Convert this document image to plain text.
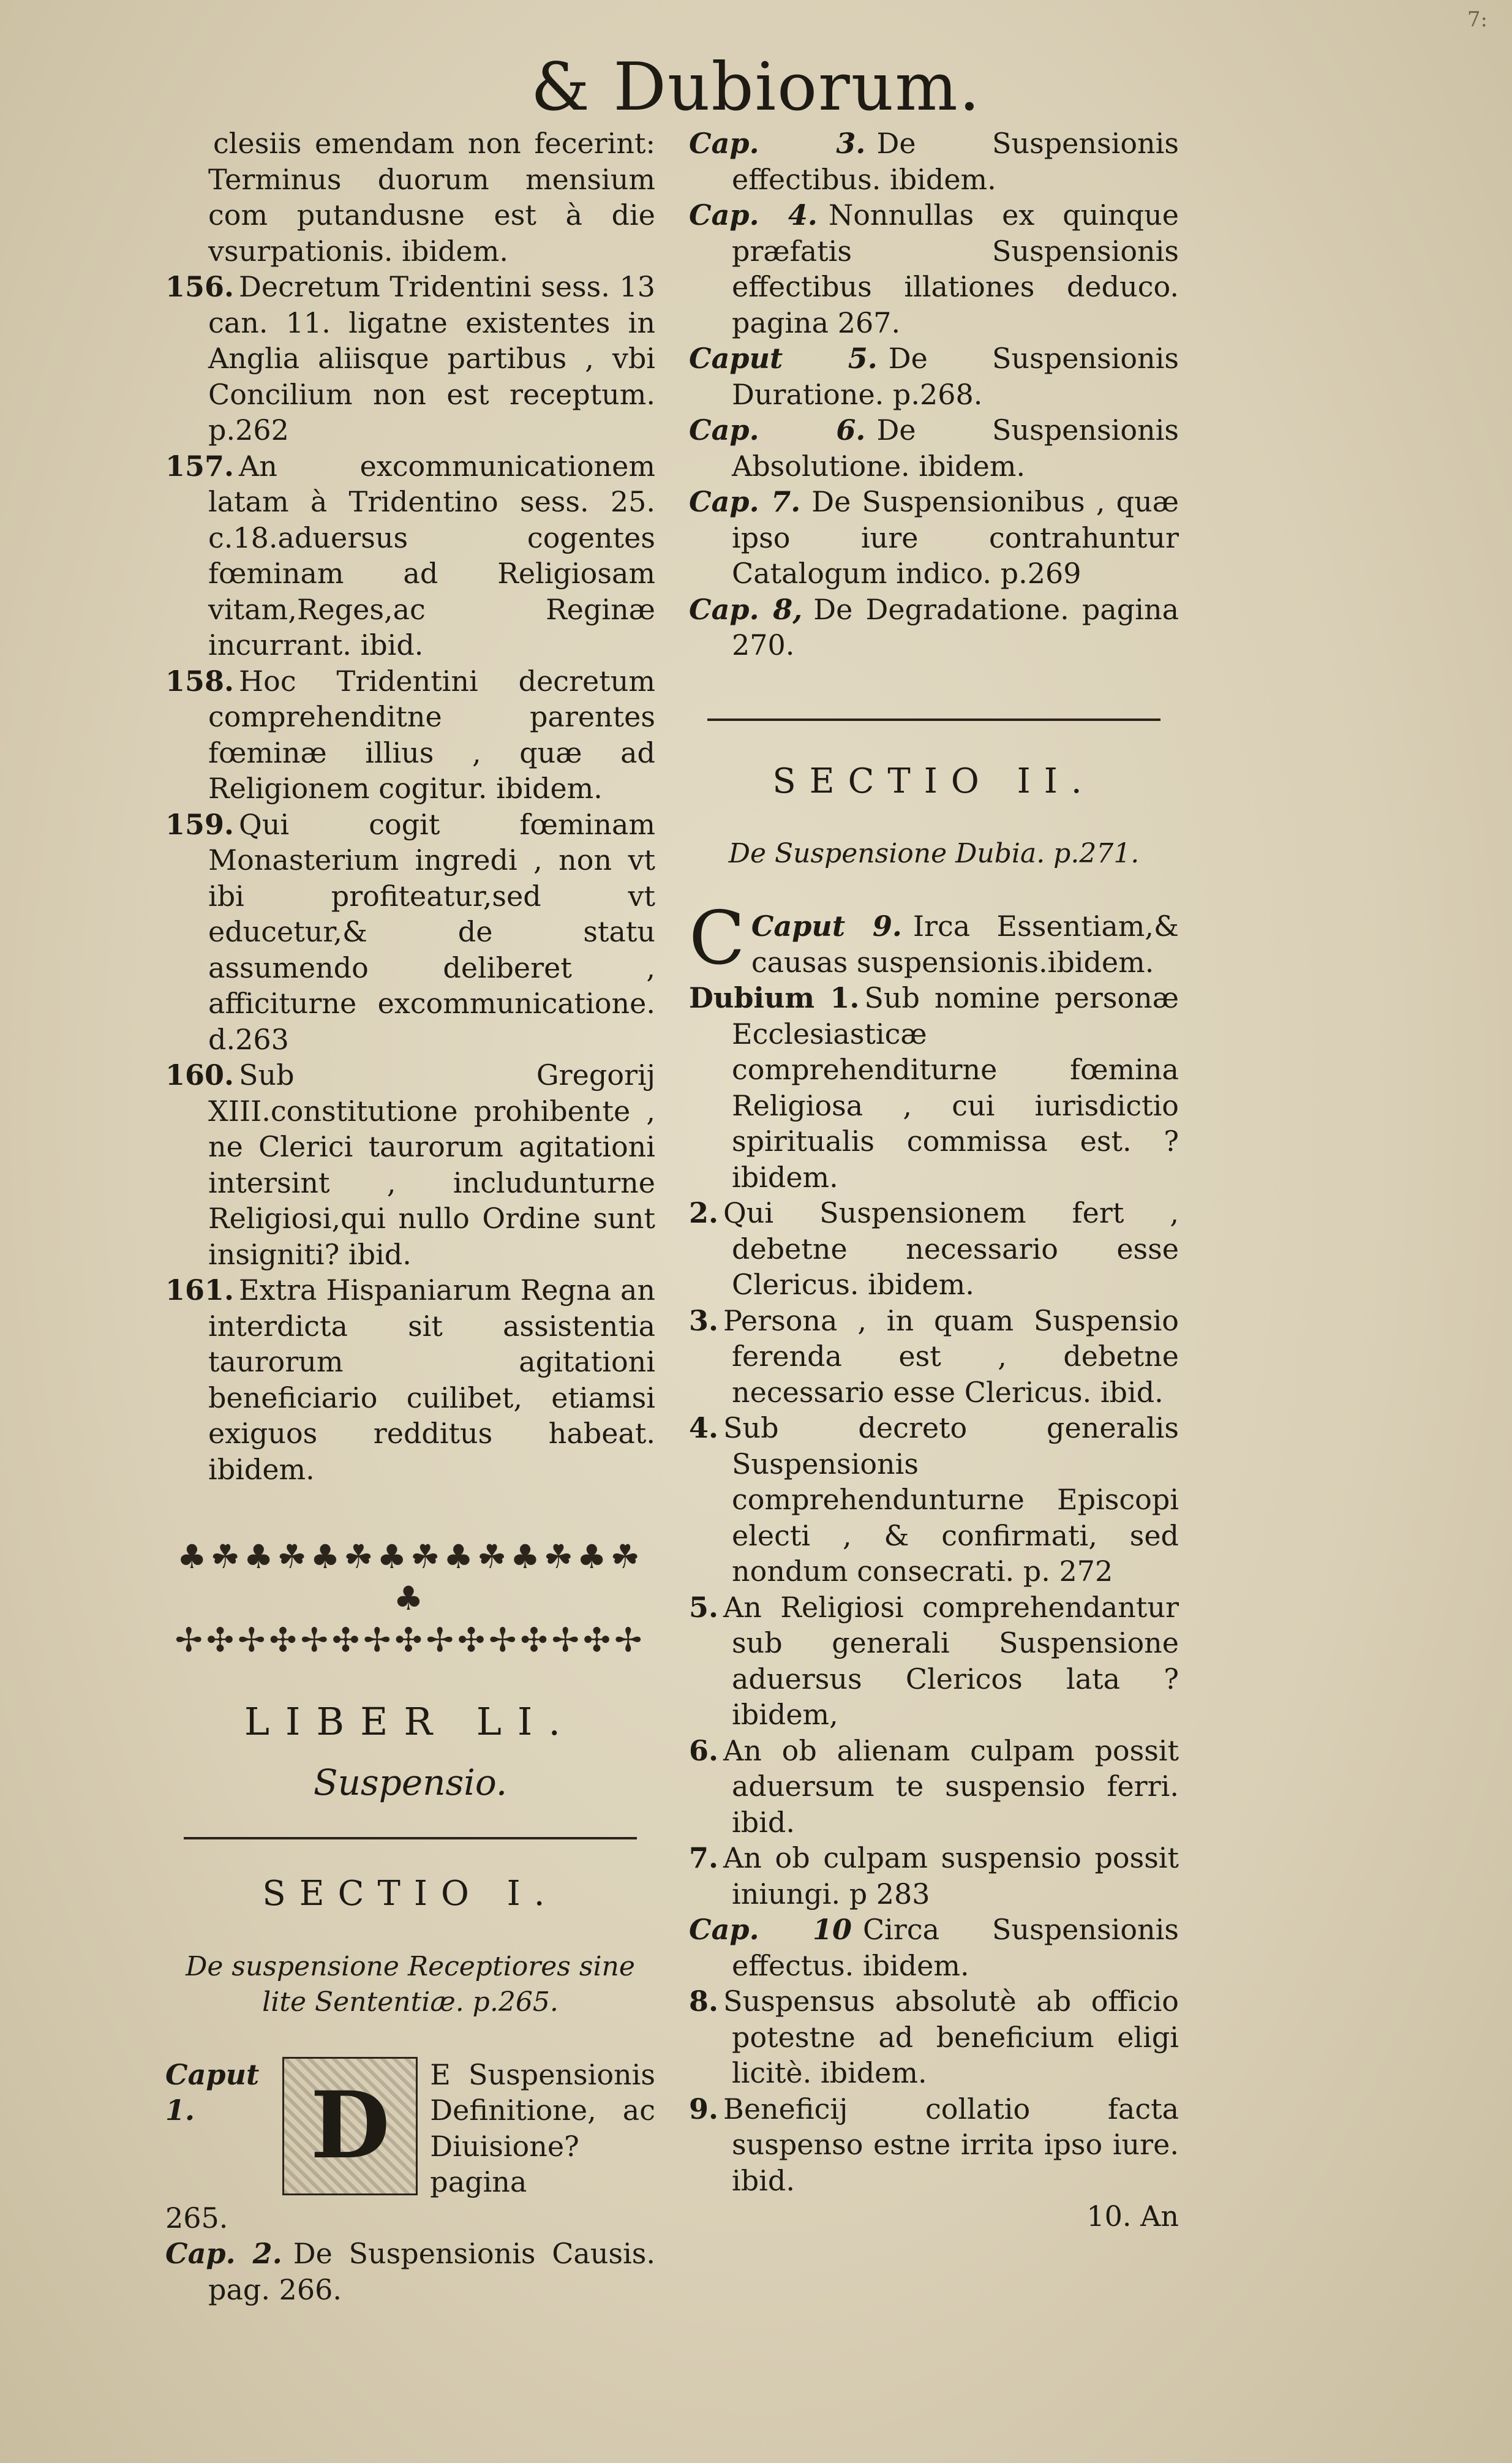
& Dubiorum.
7:

clesiis emendam non fecerint: Terminus duorum mensium com putandusne est à die vsurpationis. ibidem.

156. Decretum Tridentini sess. 13 can. 11. ligatne existentes in Anglia aliisque partibus , vbi Concilium non est receptum. p.262

157. An excommunicationem latam à Tridentino sess. 25. c.18.aduersus cogentes fœminam ad Religiosam vitam,Reges,ac Reginæ incurrant. ibid.

158. Hoc Tridentini decretum comprehenditne parentes fœminæ illius , quæ ad Religionem cogitur. ibidem.

159. Qui cogit fœminam Monasterium ingredi , non vt ibi profiteatur,sed vt educetur,& de statu assumendo deliberet , afficiturne excommunicatione. d.263

160. Sub Gregorij XIII.constitutione prohibente , ne Clerici taurorum agitationi intersint , includunturne Religiosi,qui nullo Ordine sunt insigniti? ibid.

161. Extra Hispaniarum Regna an interdicta sit assistentia taurorum agitationi beneficiario cuilibet, etiamsi exiguos redditus habeat. ibidem.

♣☘♣☘♣☘♣☘♣☘♣☘♣☘♣
✢✣✢✣✢✣✢✣✢✣✢✣✢✣✢
LIBER LI.
Suspensio.
SECTIO I.
De suspensione Receptiores sine lite Sententiæ. p.265.
Caput 1.	D E Suspensionis Definitione, ac Diuisione? pagina

265.

Cap. 2. De Suspensionis Causis. pag. 266.

Cap. 3. De Suspensionis effectibus. ibidem.

Cap. 4. Nonnullas ex quinque præfatis Suspensionis effectibus illationes deduco. pagina 267.

Caput 5. De Suspensionis Duratione. p.268.

Cap. 6. De Suspensionis Absolutione. ibidem.

Cap. 7. De Suspensionibus , quæ ipso iure contrahuntur Catalogum indico. p.269

Cap. 8, De Degradatione. pagina 270.

SECTIO II.
De Suspensione Dubia. p.271.

Caput 9.
C	Irca Essentiam,& causas suspensionis.ibidem.

Dubium 1. Sub nomine personæ Ecclesiasticæ comprehenditurne fœmina Religiosa , cui iurisdictio spiritualis commissa est. ? ibidem.

2. Qui Suspensionem fert , debetne necessario esse Clericus. ibidem.

3. Persona , in quam Suspensio ferenda est , debetne necessario esse Clericus. ibid.

4. Sub decreto generalis Suspensionis comprehendunturne Episcopi electi , & confirmati, sed nondum consecrati. p. 272

5. An Religiosi comprehendantur sub generali Suspensione aduersus Clericos lata ? ibidem,

6. An ob alienam culpam possit aduersum te suspensio ferri. ibid.

7. An ob culpam suspensio possit iniungi. p 283

Cap. 10 Circa Suspensionis effectus. ibidem.

8. Suspensus absolutè ab officio potestne ad beneficium eligi licitè. ibidem.

9. Beneficij collatio facta suspenso estne irrita ipso iure. ibid.

10. An
